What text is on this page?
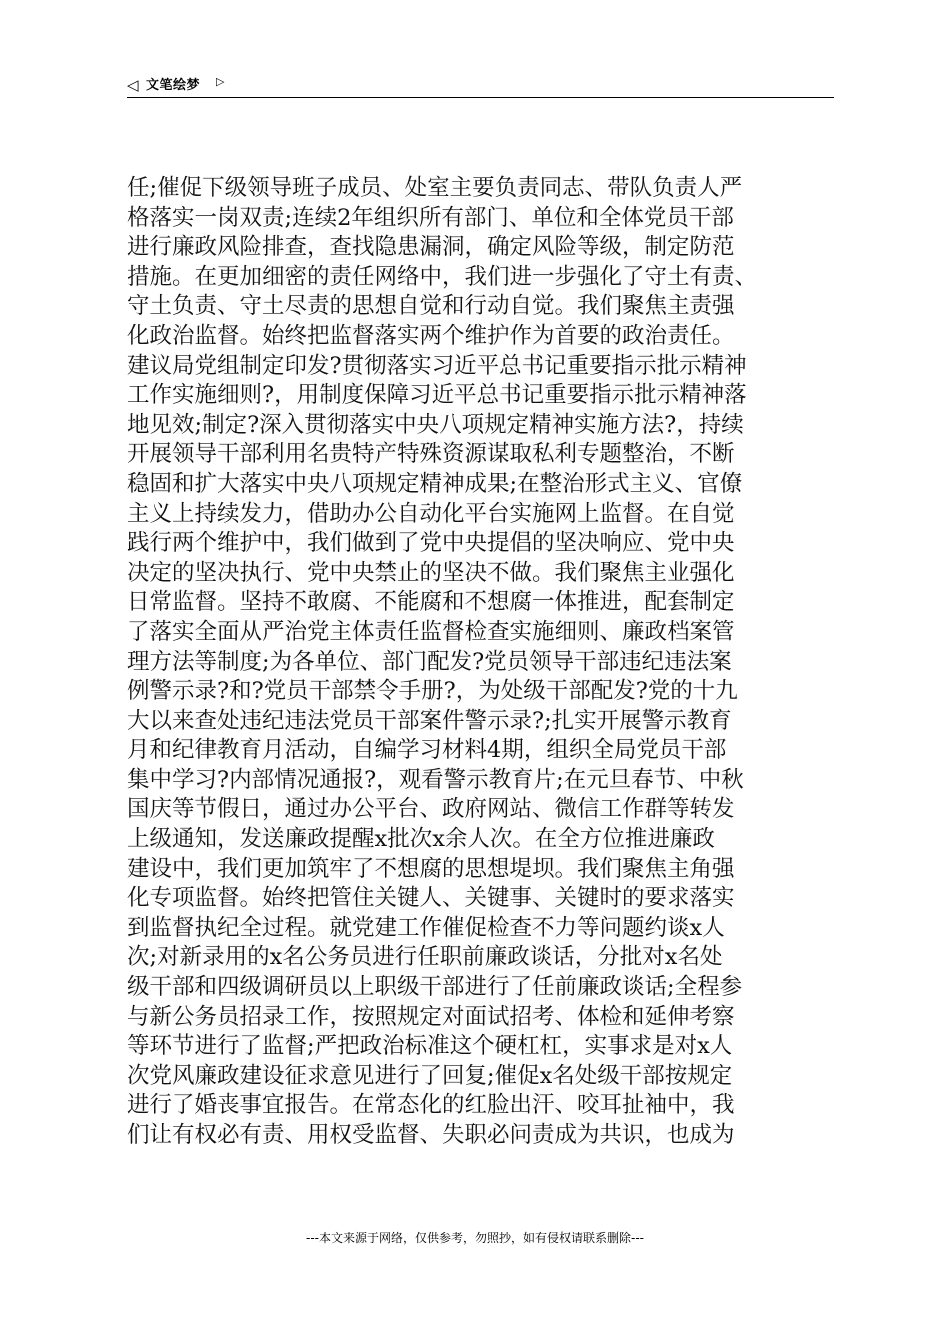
◁ 文笔绘梦 ▷
任;催促下级领导班子成员、处室主要负责同志、带队负责人严
格落实一岗双责;连续2年组织所有部门、单位和全体党员干部
进行廉政风险排查，查找隐患漏洞，确定风险等级，制定防范
措施。在更加细密的责任网络中，我们进一步强化了守土有责、
守土负责、守土尽责的思想自觉和行动自觉。我们聚焦主责强
化政治监督。始终把监督落实两个维护作为首要的政治责任。
建议局党组制定印发?贯彻落实习近平总书记重要指示批示精神
工作实施细则?，用制度保障习近平总书记重要指示批示精神落
地见效;制定?深入贯彻落实中央八项规定精神实施方法?，持续
开展领导干部利用名贵特产特殊资源谋取私利专题整治，不断
稳固和扩大落实中央八项规定精神成果;在整治形式主义、官僚
主义上持续发力，借助办公自动化平台实施网上监督。在自觉
践行两个维护中，我们做到了党中央提倡的坚决响应、党中央
决定的坚决执行、党中央禁止的坚决不做。我们聚焦主业强化
日常监督。坚持不敢腐、不能腐和不想腐一体推进，配套制定
了落实全面从严治党主体责任监督检查实施细则、廉政档案管
理方法等制度;为各单位、部门配发?党员领导干部违纪违法案
例警示录?和?党员干部禁令手册?，为处级干部配发?党的十九
大以来查处违纪违法党员干部案件警示录?;扎实开展警示教育
月和纪律教育月活动，自编学习材料4期，组织全局党员干部
集中学习?内部情况通报?，观看警示教育片;在元旦春节、中秋
国庆等节假日，通过办公平台、政府网站、微信工作群等转发
上级通知，发送廉政提醒x批次x余人次。在全方位推进廉政
建设中，我们更加筑牢了不想腐的思想堤坝。我们聚焦主角强
化专项监督。始终把管住关键人、关键事、关键时的要求落实
到监督执纪全过程。就党建工作催促检查不力等问题约谈x人
次;对新录用的x名公务员进行任职前廉政谈话，分批对x名处
级干部和四级调研员以上职级干部进行了任前廉政谈话;全程参
与新公务员招录工作，按照规定对面试招考、体检和延伸考察
等环节进行了监督;严把政治标准这个硬杠杠，实事求是对x人
次党风廉政建设征求意见进行了回复;催促x名处级干部按规定
进行了婚丧事宜报告。在常态化的红脸出汗、咬耳扯袖中，我
们让有权必有责、用权受监督、失职必问责成为共识，也成为
---本文来源于网络，仅供参考，勿照抄，如有侵权请联系删除---
